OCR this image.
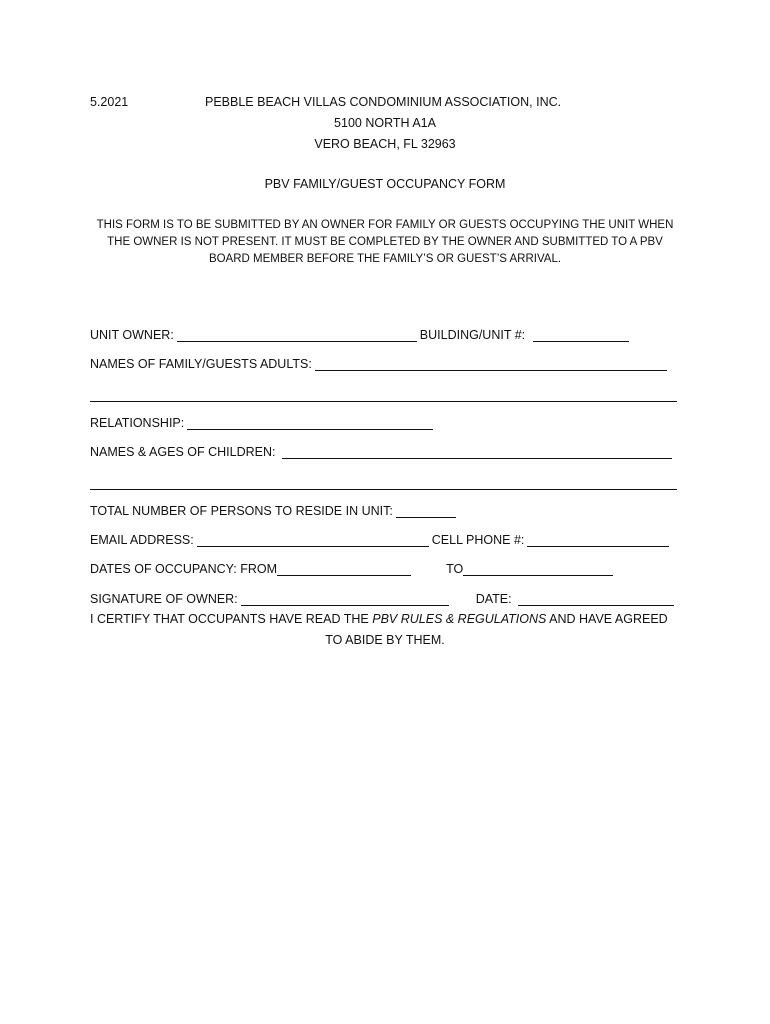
5.2021	PEBBLE BEACH VILLAS CONDOMINIUM ASSOCIATION, INC.
5100 NORTH A1A
VERO BEACH, FL 32963
PBV FAMILY/GUEST OCCUPANCY FORM
THIS FORM IS TO BE SUBMITTED BY AN OWNER FOR FAMILY OR GUESTS OCCUPYING THE UNIT WHEN
THE OWNER IS NOT PRESENT. IT MUST BE COMPLETED BY THE OWNER AND SUBMITTED TO A PBV
BOARD MEMBER BEFORE THE FAMILY’S OR GUEST’S ARRIVAL.
UNIT OWNER:	BUILDING/UNIT #:
NAMES OF FAMILY/GUESTS ADULTS:
RELATIONSHIP:
NAMES & AGES OF CHILDREN:
TOTAL NUMBER OF PERSONS TO RESIDE IN UNIT:
EMAIL ADDRESS:	CELL PHONE #:
DATES OF OCCUPANCY: FROM	TO
SIGNATURE OF OWNER:	DATE:
I CERTIFY THAT OCCUPANTS HAVE READ THE PBV RULES & REGULATIONS AND HAVE AGREED
TO ABIDE BY THEM.
